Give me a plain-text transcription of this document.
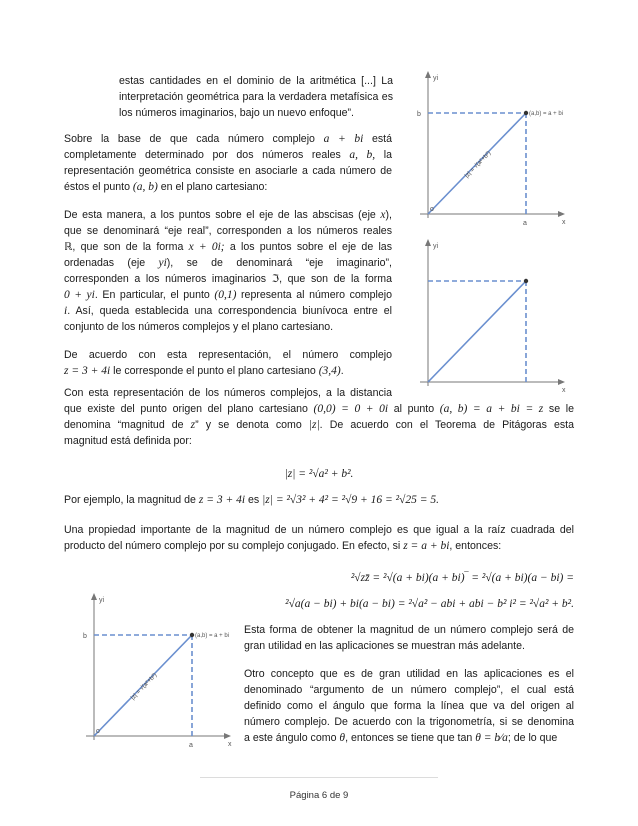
estas cantidades en el dominio de la aritmética [...] La

interpretación geométrica para la verdadera metafísica es

los números imaginarios, bajo un nuevo enfoque”.

Sobre la base de que cada número complejo a + bi está

completamente determinado por dos números reales a, b, la

representación geométrica consiste en asociarle a cada número de

éstos el punto (a, b) en el plano cartesiano:

De esta manera, a los puntos sobre el eje de las abscisas (eje x),

que se denominará “eje real”, corresponden a los números reales

ℝ, que son de la forma x + 0i; a los puntos sobre el eje de las

ordenadas (eje yi), se de denominará “eje imaginario”,

corresponden a los números imaginarios ℑ, que son de la forma

0 + yi. En particular, el punto (0,1) representa al número complejo

i. Así, queda establecida una correspondencia biunívoca entre el

conjunto de los números complejos y el plano cartesiano.

De acuerdo con esta representación, el número complejo

z = 3 + 4i le corresponde el punto el plano cartesiano (3,4).

Con esta representación de los números complejos, a la distancia

que existe del punto origen del plano cartesiano (0,0) = 0 + 0i al punto (a, b) = a + bi = z se le

denomina “magnitud de z” y se denota como |z|. De acuerdo con el Teorema de Pitágoras esta

magnitud está definida por:

|z| = ²√a² + b².
Por ejemplo, la magnitud de z = 3 + 4i es |z| = ²√3² + 4² = ²√9 + 16 = ²√25 = 5.

Una propiedad importante de la magnitud de un número complejo es que igual a la raíz cuadrada del

producto del número complejo por su complejo conjugado. En efecto, si z = a + bi, entonces:

²√zz̄ = ²√(a + bi)(a + bi)‾ = ²√(a + bi)(a − bi) =
²√a(a − bi) + bi(a − bi) = ²√a² − abi + abi − b² i² = ²√a² + b².

Esta forma de obtener la magnitud de un número complejo será de

gran utilidad en las aplicaciones se muestran más adelante.

Otro concepto que es de gran utilidad en las aplicaciones es el

denominado “argumento de un número complejo”, el cual está

definido como el ángulo que forma la línea que va del origen al

número complejo. De acuerdo con la trigonometría, si se denomina

a este ángulo como θ, entonces se tiene que tan θ = b⁄a; de lo que

yi
x
b
a
o
(a,b) = a + bi
|z| = √(a²+b²)
yi
x
yi
x
b
a
o
(a,b) = a + bi
|z| = √(a²+b²)
Página 6 de 9
